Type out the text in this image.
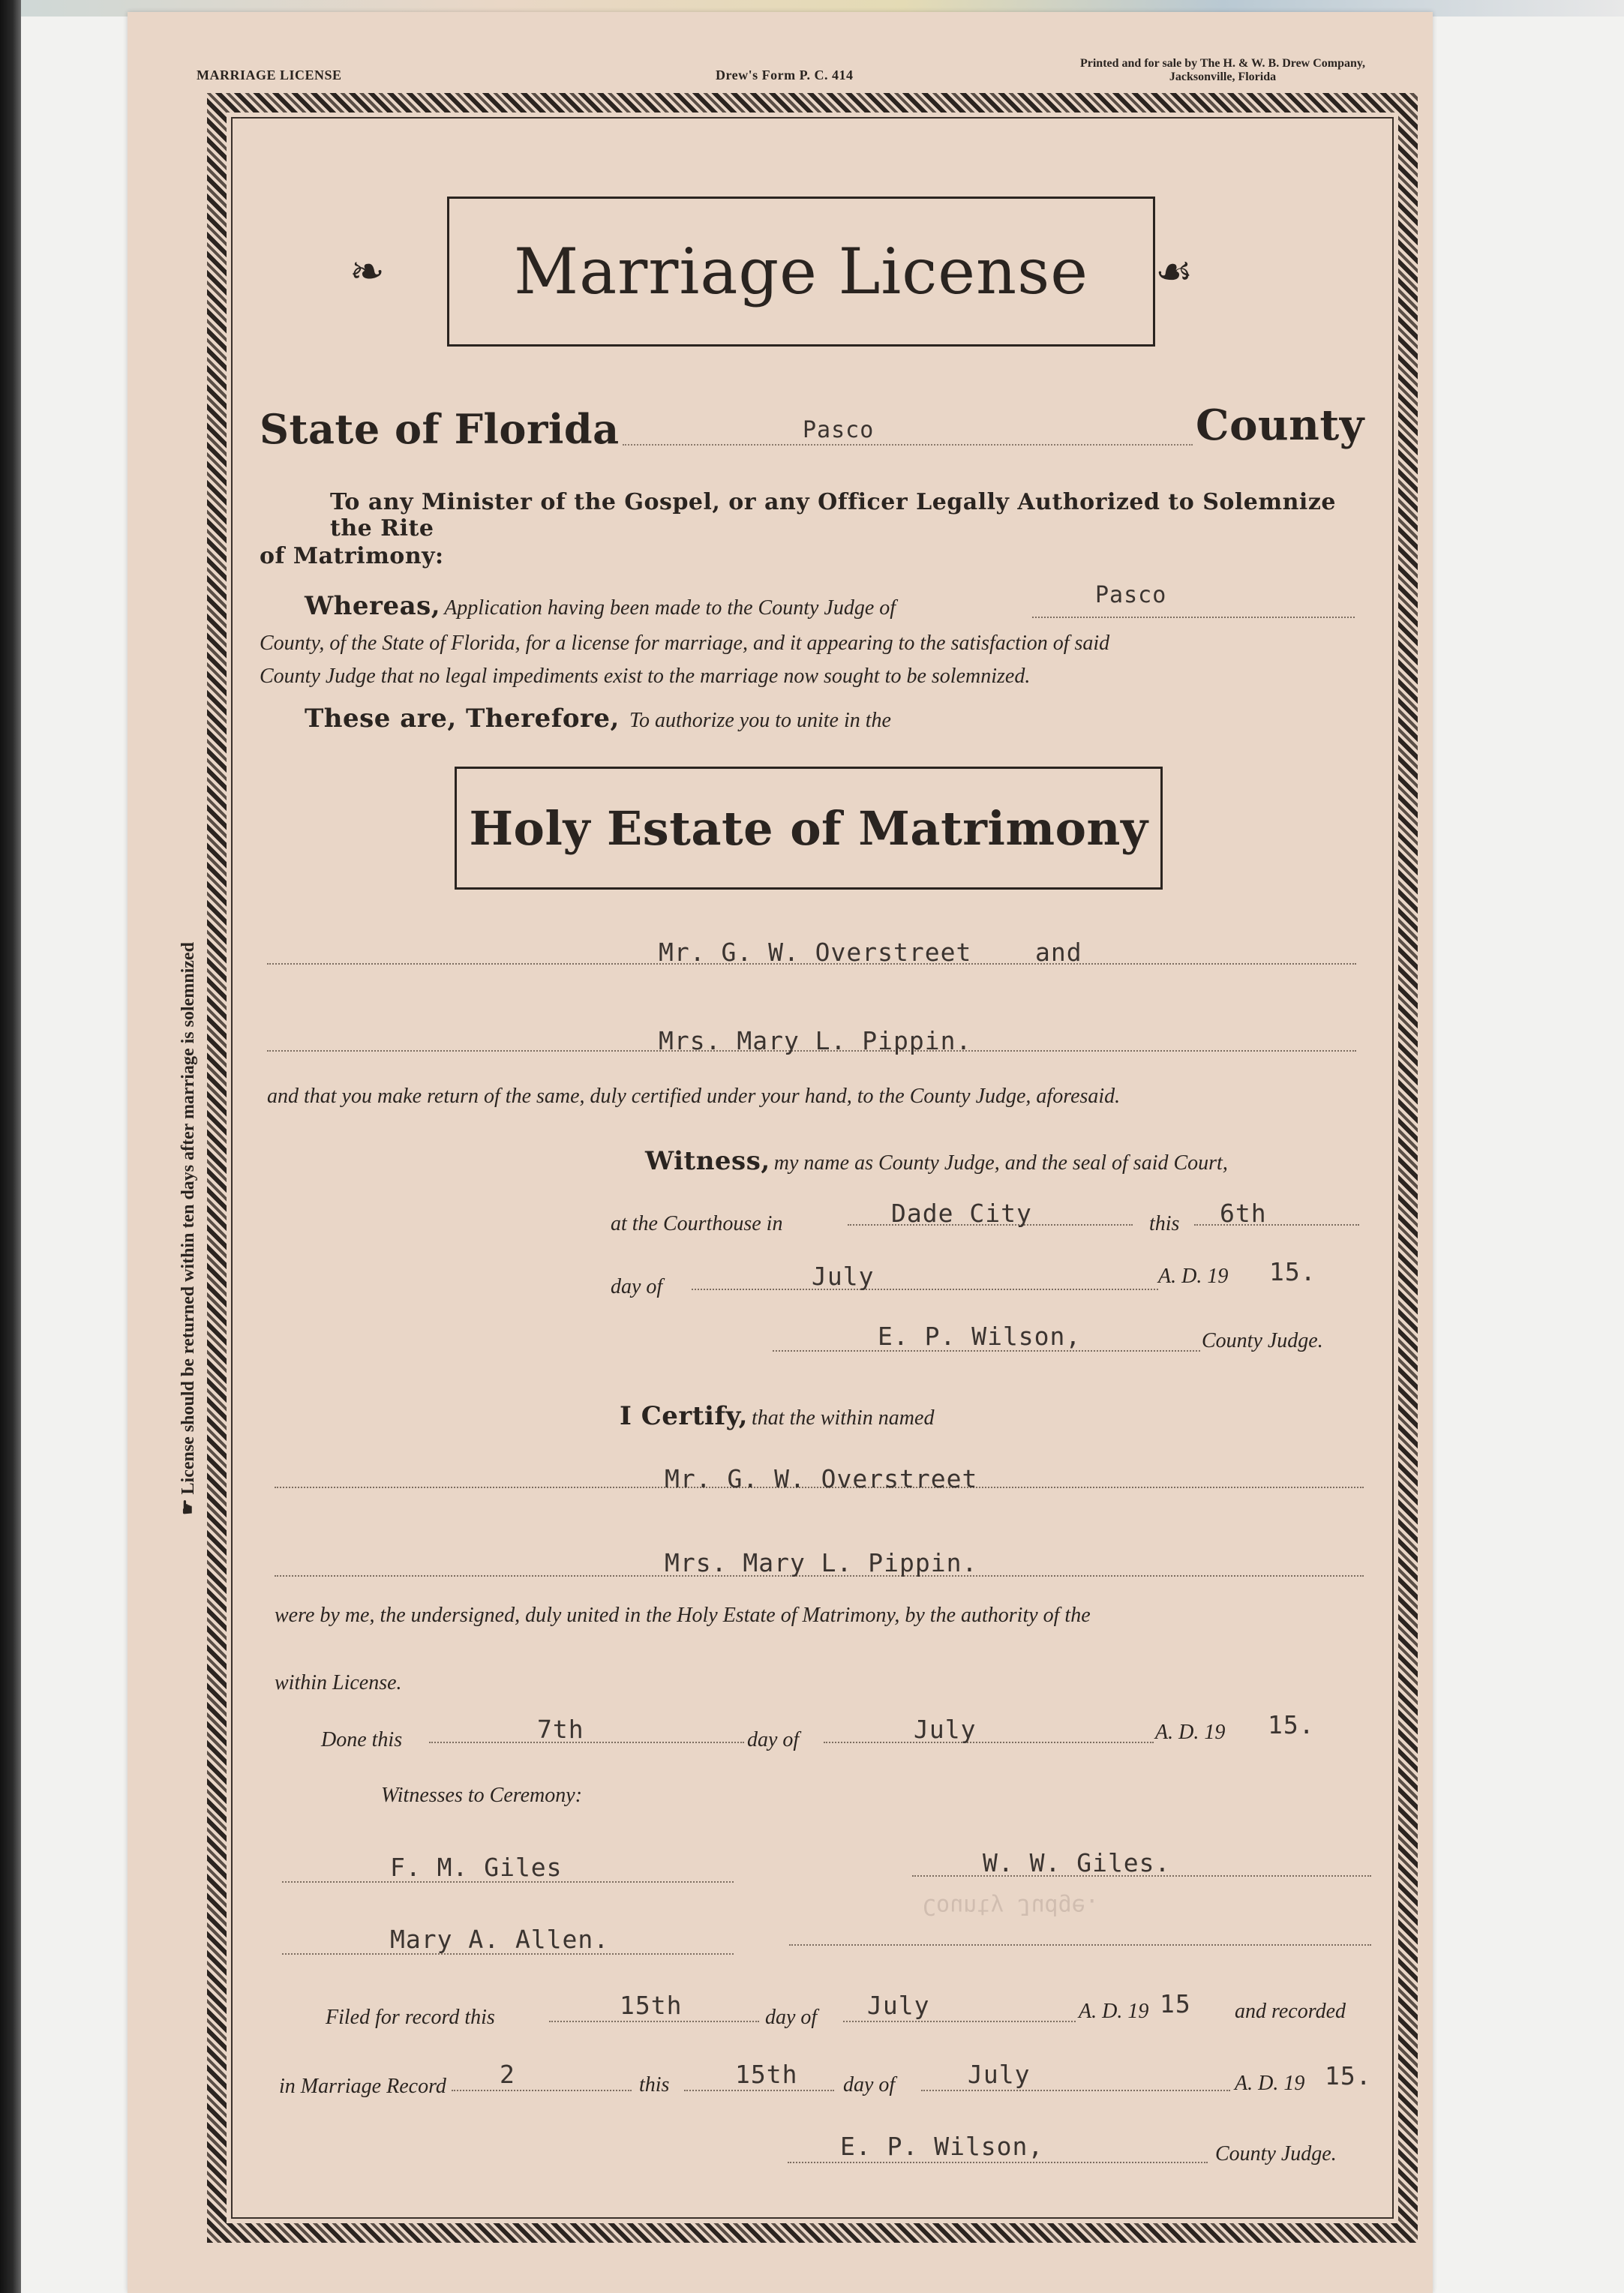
MARRIAGE LICENSE	Drew's Form P. C. 414
Printed and for sale by The H. & W. B. Drew Company,
Jacksonville, Florida
☛ License should be returned within ten days after marriage is solemnized
❧ Marriage License ☙
State of Florida	Pasco	County
To any Minister of the Gospel, or any Officer Legally Authorized to Solemnize the Rite
of Matrimony:
Whereas, Application having been made to the County Judge of
County, of the State of Florida, for a license for marriage, and it appearing to the satisfaction of said
County Judge that no legal impediments exist to the marriage now sought to be solemnized.
Pasco
These are, Therefore, To authorize you to unite in the
Holy Estate of Matrimony
Mr. G. W. Overstreet	and
Mrs. Mary L. Pippin.
and that you make return of the same, duly certified under your hand, to the County Judge, aforesaid.
Witness, my name as County Judge, and the seal of said Court,
at the Courthouse in	Dade City	this 6th
day of	July	A. D. 19 15.
E. P. Wilson,	County Judge.
I Certify, that the within named
Mr. G. W. Overstreet
Mrs. Mary L. Pippin.
were by me, the undersigned, duly united in the Holy Estate of Matrimony, by the authority of the
within License.
Done this	7th	day of	July	A. D. 19 15.
Witnesses to Ceremony:
F. M. Giles	W. W. Giles.
Mary A. Allen.
County Judge.
Filed for record this	15th	day of July	A. D. 19 15 and recorded
in Marriage Record 2	this	15th day of	July	A. D. 19 15.
E. P. Wilson,	County Judge.
